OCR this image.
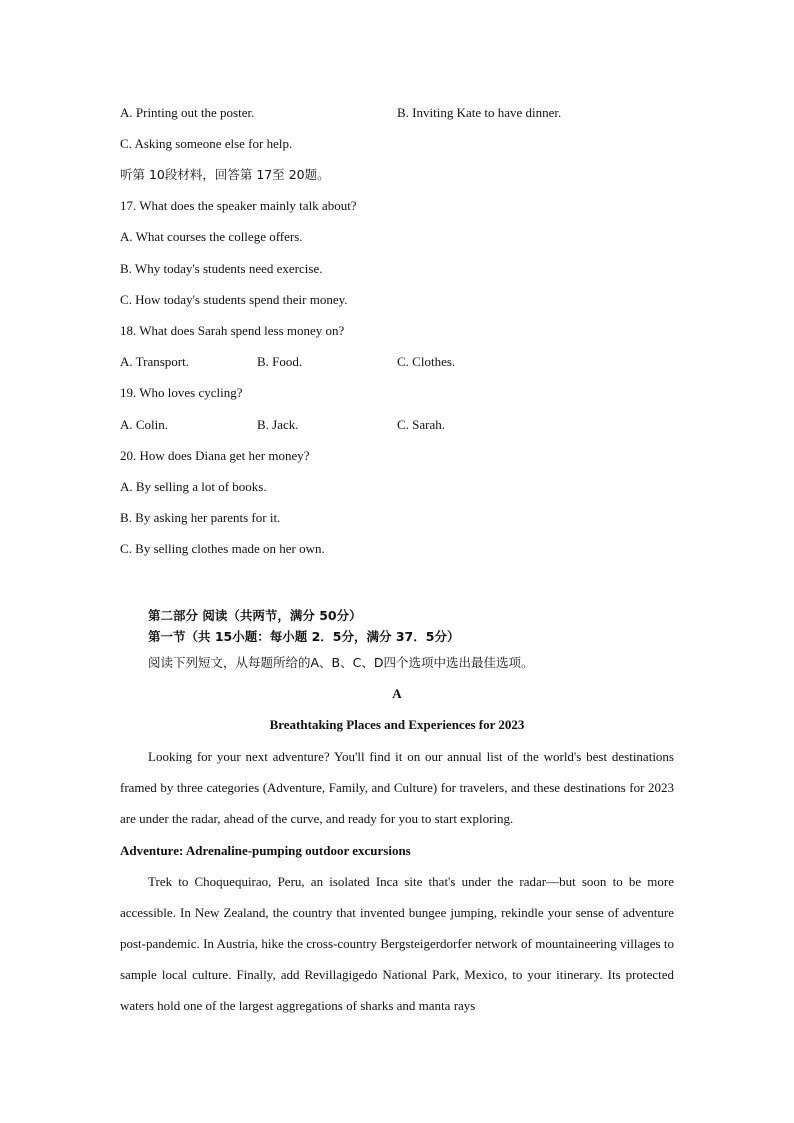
A. Printing out the poster.	B. Inviting Kate to have dinner.
C. Asking someone else for help.
听第 10段材料，回答第 17至 20题。
17. What does the speaker mainly talk about?
A. What courses the college offers.
B. Why today's students need exercise.
C. How today's students spend their money.
18. What does Sarah spend less money on?
A. Transport.	B. Food.	C. Clothes.
19. Who loves cycling?
A. Colin.	B. Jack.	C. Sarah.
20. How does Diana get her money?
A. By selling a lot of books.
B. By asking her parents for it.
C. By selling clothes made on her own.
第二部分 阅读（共两节，满分 50分）
第一节（共 15小题：每小题 2．5分，满分 37．5分）
阅读下列短文，从每题所给的A、B、C、D四个选项中选出最佳选项。
A
Breathtaking Places and Experiences for 2023
Looking for your next adventure? You'll find it on our annual list of the world's best destinations framed by three categories (Adventure, Family, and Culture) for travelers, and these destinations for 2023 are under the radar, ahead of the curve, and ready for you to start exploring.
Adventure: Adrenaline-pumping outdoor excursions
Trek to Choquequirao, Peru, an isolated Inca site that's under the radar—but soon to be more accessible. In New Zealand, the country that invented bungee jumping, rekindle your sense of adventure post-pandemic. In Austria, hike the cross-country Bergsteigerdorfer network of mountaineering villages to sample local culture. Finally, add Revillagigedo National Park, Mexico, to your itinerary. Its protected waters hold one of the largest aggregations of sharks and manta rays
